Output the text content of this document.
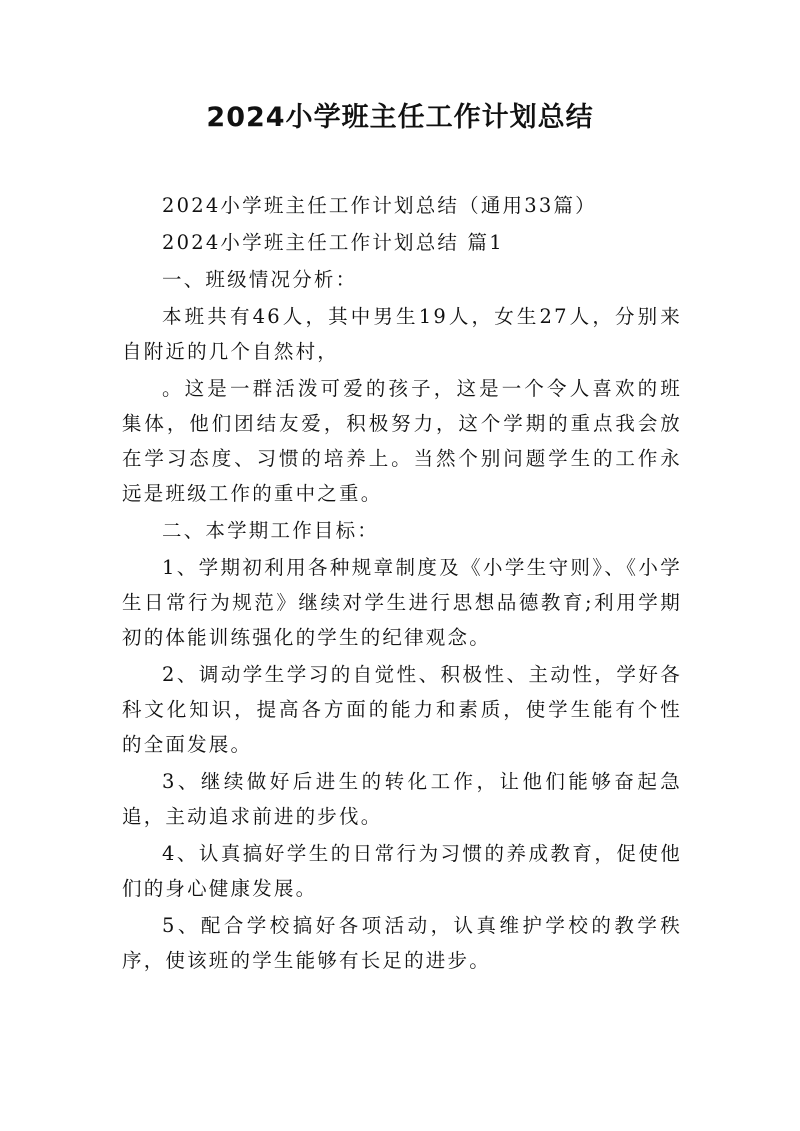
2024小学班主任工作计划总结

2024小学班主任工作计划总结（通用33篇）

2024小学班主任工作计划总结 篇1

一、班级情况分析：

本班共有46人，其中男生19人，女生27人，分别来自附近的几个自然村，

。这是一群活泼可爱的孩子，这是一个令人喜欢的班集体，他们团结友爱，积极努力，这个学期的重点我会放在学习态度、习惯的培养上。当然个别问题学生的工作永远是班级工作的重中之重。

二、本学期工作目标：

1、学期初利用各种规章制度及《小学生守则》、《小学生日常行为规范》继续对学生进行思想品德教育;利用学期初的体能训练强化的学生的纪律观念。

2、调动学生学习的自觉性、积极性、主动性，学好各科文化知识，提高各方面的能力和素质，使学生能有个性的全面发展。

3、继续做好后进生的转化工作，让他们能够奋起急追，主动追求前进的步伐。

4、认真搞好学生的日常行为习惯的养成教育，促使他们的身心健康发展。

5、配合学校搞好各项活动，认真维护学校的教学秩序，使该班的学生能够有长足的进步。
